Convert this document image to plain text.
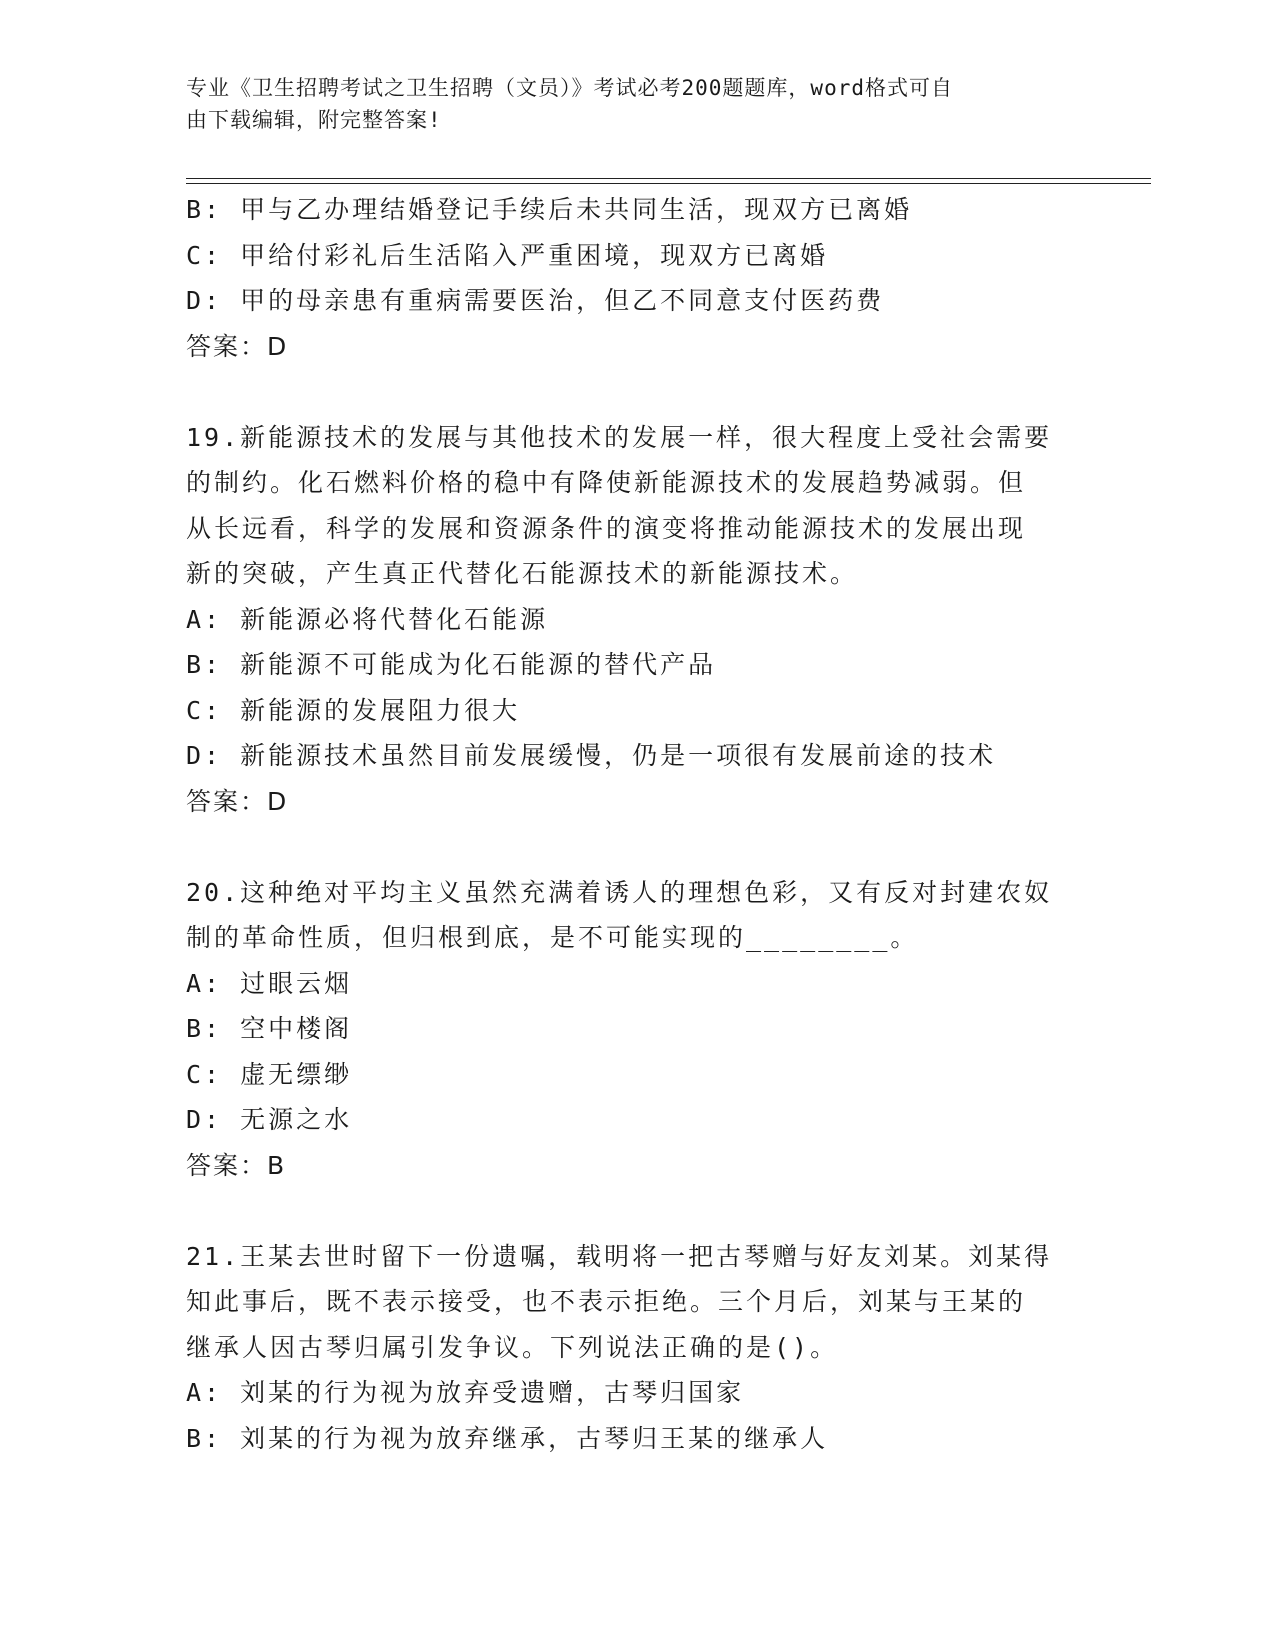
专业《卫生招聘考试之卫生招聘（文员）》考试必考200题题库，word格式可自
由下载编辑，附完整答案!
B: 甲与乙办理结婚登记手续后未共同生活，现双方已离婚
C: 甲给付彩礼后生活陷入严重困境，现双方已离婚
D: 甲的母亲患有重病需要医治，但乙不同意支付医药费
答案：D
19.新能源技术的发展与其他技术的发展一样，很大程度上受社会需要
的制约。化石燃料价格的稳中有降使新能源技术的发展趋势减弱。但
从长远看，科学的发展和资源条件的演变将推动能源技术的发展出现
新的突破，产生真正代替化石能源技术的新能源技术。
A: 新能源必将代替化石能源
B: 新能源不可能成为化石能源的替代产品
C: 新能源的发展阻力很大
D: 新能源技术虽然目前发展缓慢，仍是一项很有发展前途的技术
答案：D
20.这种绝对平均主义虽然充满着诱人的理想色彩，又有反对封建农奴
制的革命性质，但归根到底，是不可能实现的________。
A: 过眼云烟
B: 空中楼阁
C: 虚无缥缈
D: 无源之水
答案：B
21.王某去世时留下一份遗嘱，载明将一把古琴赠与好友刘某。刘某得
知此事后，既不表示接受，也不表示拒绝。三个月后，刘某与王某的
继承人因古琴归属引发争议。下列说法正确的是()。
A: 刘某的行为视为放弃受遗赠，古琴归国家
B: 刘某的行为视为放弃继承，古琴归王某的继承人
